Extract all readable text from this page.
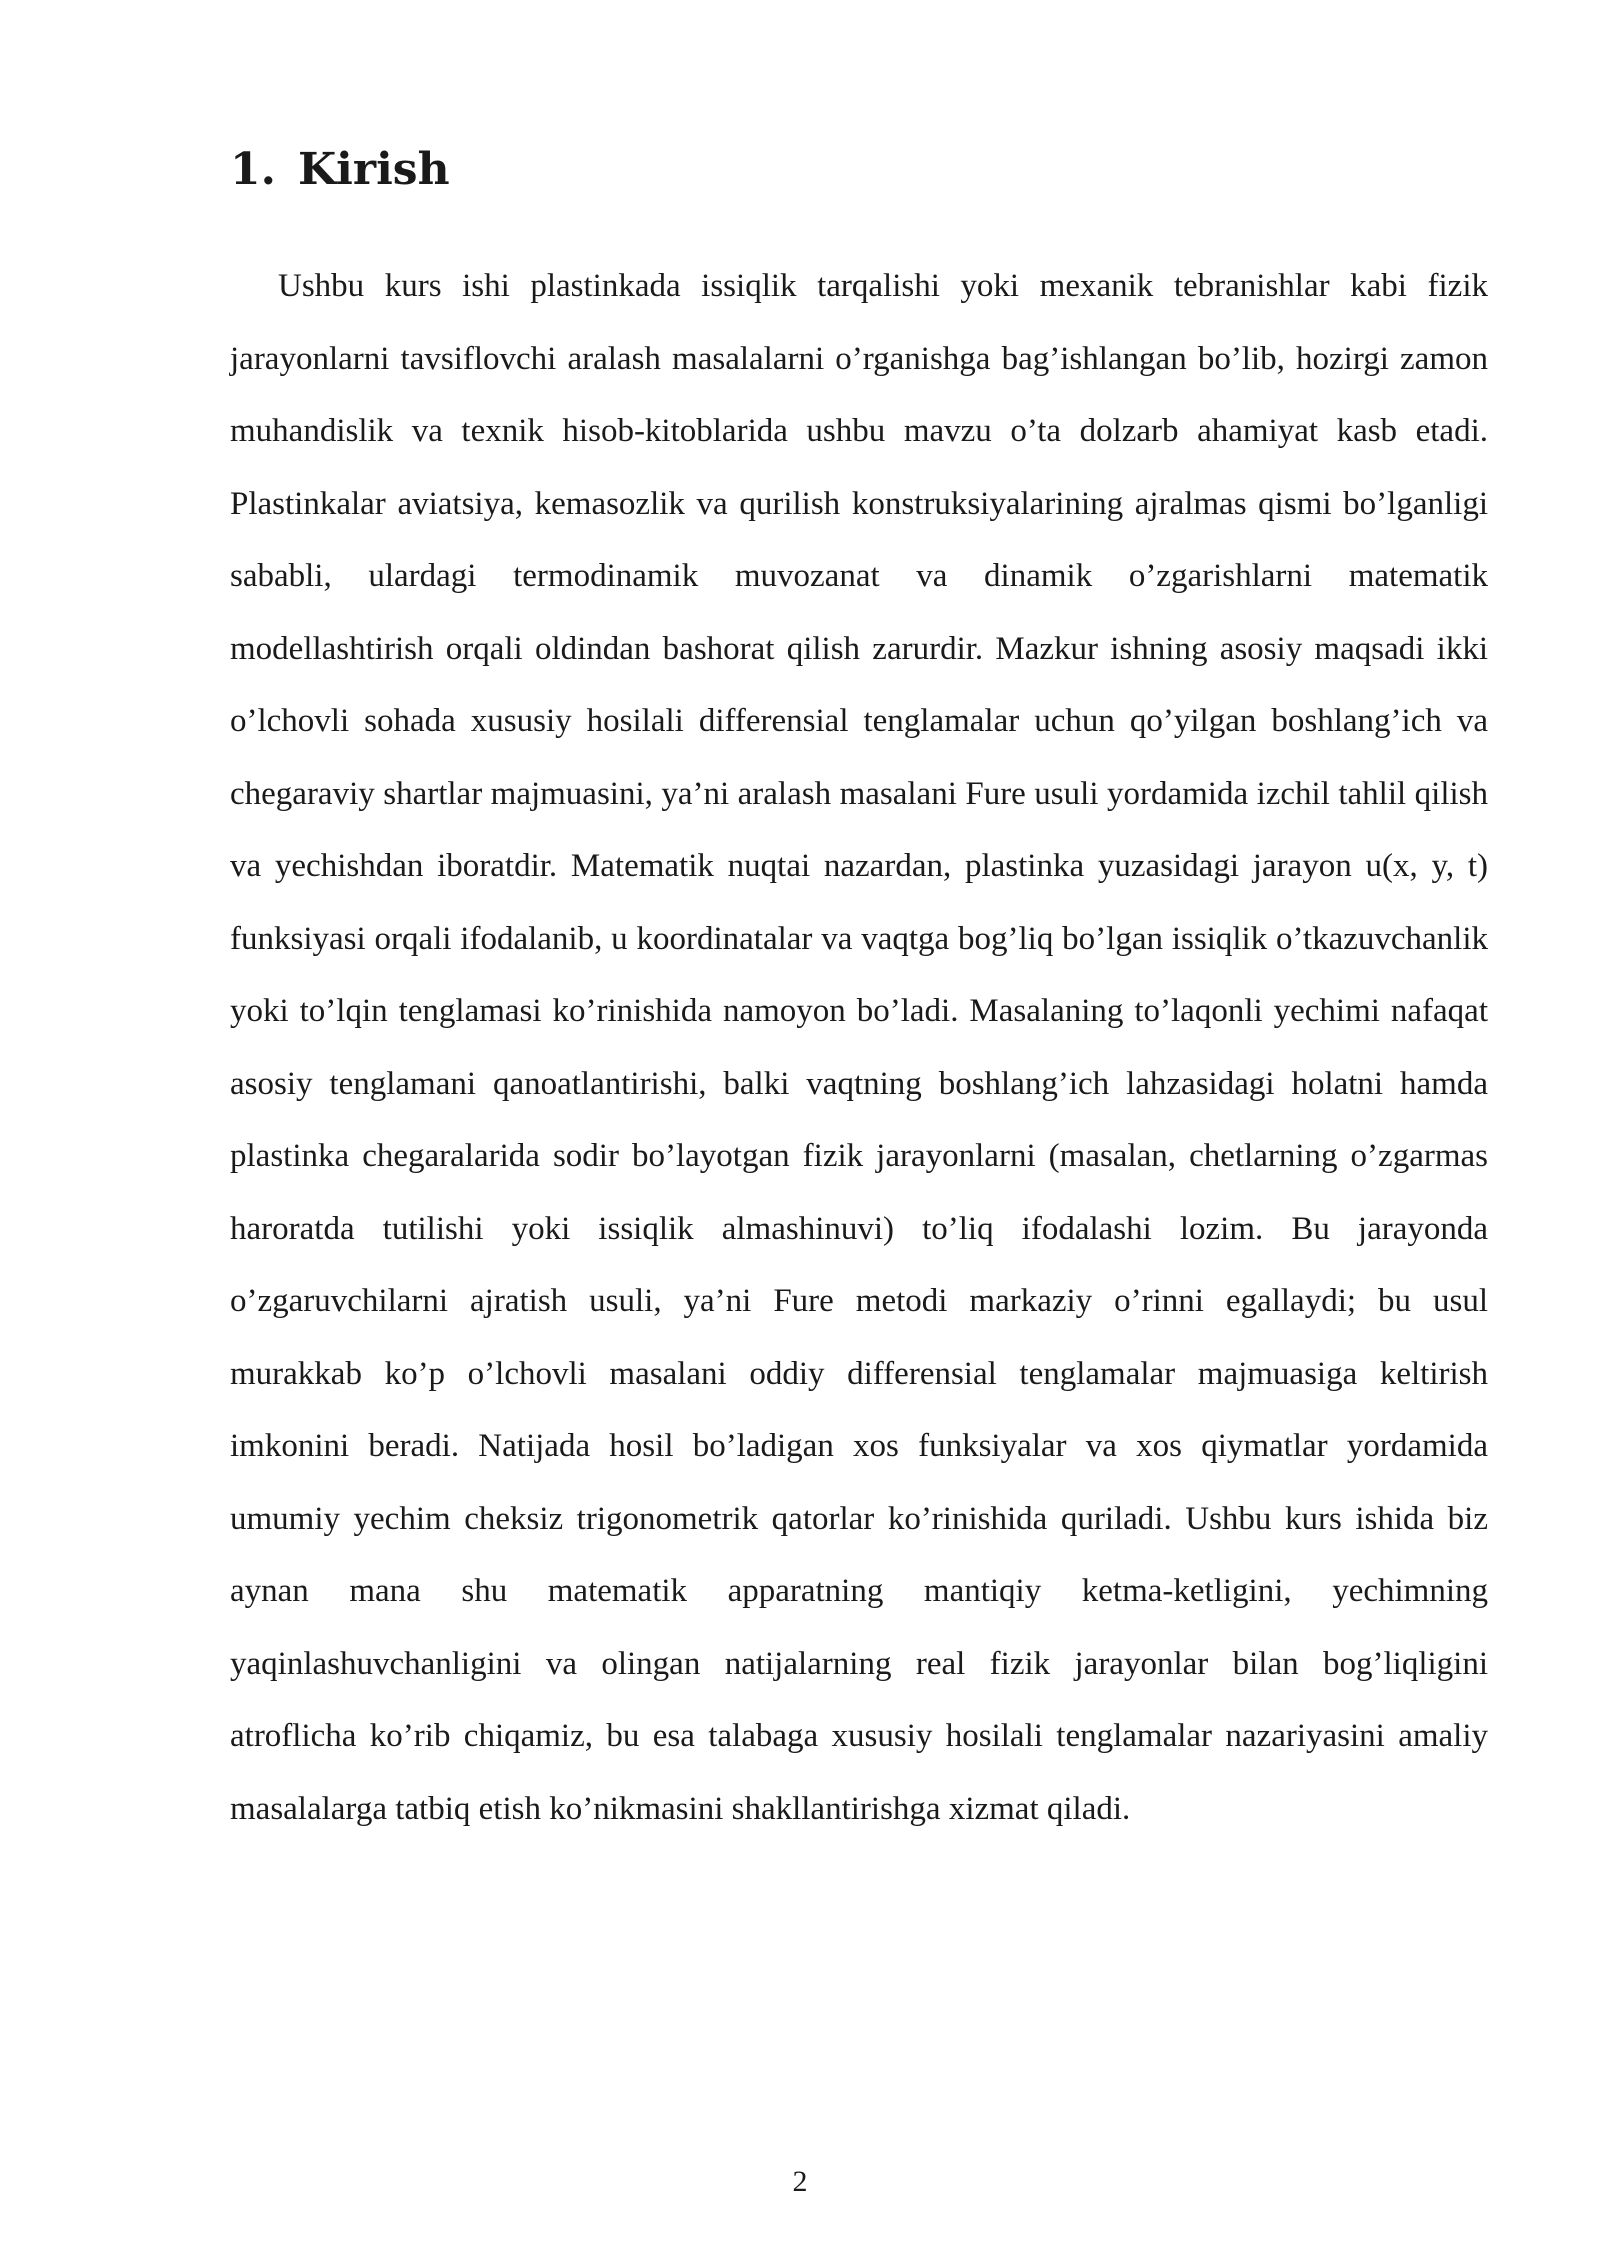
1. Kirish

Ushbu kurs ishi plastinkada issiqlik tarqalishi yoki mexanik tebranishlar kabi fizik jarayonlarni tavsiflovchi aralash masalalarni o’rganishga bag’ishlangan bo’lib, hozirgi zamon muhandislik va texnik hisob-kitoblarida ushbu mavzu o’ta dolzarb ahamiyat kasb etadi. Plastinkalar aviatsiya, kemasozlik va qurilish konstruksiyalarining ajralmas qismi bo’lganligi sababli, ulardagi termodinamik muvozanat va dinamik o’zgarishlarni matematik modellashtirish orqali oldindan bashorat qilish zarurdir. Mazkur ishning asosiy maqsadi ikki o’lchovli sohada xususiy hosilali differensial tenglamalar uchun qo’yilgan boshlang’ich va chegaraviy shartlar majmuasini, ya’ni aralash masalani Fure usuli yordamida izchil tahlil qilish va yechishdan iboratdir. Matematik nuqtai nazardan, plastinka yuzasidagi jarayon u(x, y, t) funksiyasi orqali ifodalanib, u koordinatalar va vaqtga bog’liq bo’lgan issiqlik o’tkazuvchanlik yoki to’lqin tenglamasi ko’rinishida namoyon bo’ladi. Masalaning to’laqonli yechimi nafaqat asosiy tenglamani qanoatlantirishi, balki vaqtning boshlang’ich lahzasidagi holatni hamda plastinka chegaralarida sodir bo’layotgan fizik jarayonlarni (masalan, chetlarning o’zgarmas haroratda tutilishi yoki issiqlik almashinuvi) to’liq ifodalashi lozim. Bu jarayonda o’zgaruvchilarni ajratish usuli, ya’ni Fure metodi markaziy o’rinni egallaydi; bu usul murakkab ko’p o’lchovli masalani oddiy differensial tenglamalar majmuasiga keltirish imkonini beradi. Natijada hosil bo’ladigan xos funksiyalar va xos qiymatlar yordamida umumiy yechim cheksiz trigonometrik qatorlar ko’rinishida quriladi. Ushbu kurs ishida biz aynan mana shu matematik apparatning mantiqiy ketma-ketligini, yechimning yaqinlashuvchanligini va olingan natijalarning real fizik jarayonlar bilan bog’liqligini atroflicha ko’rib chiqamiz, bu esa talabaga xususiy hosilali tenglamalar nazariyasini amaliy masalalarga tatbiq etish ko’nikmasini shakllantirishga xizmat qiladi.

2
